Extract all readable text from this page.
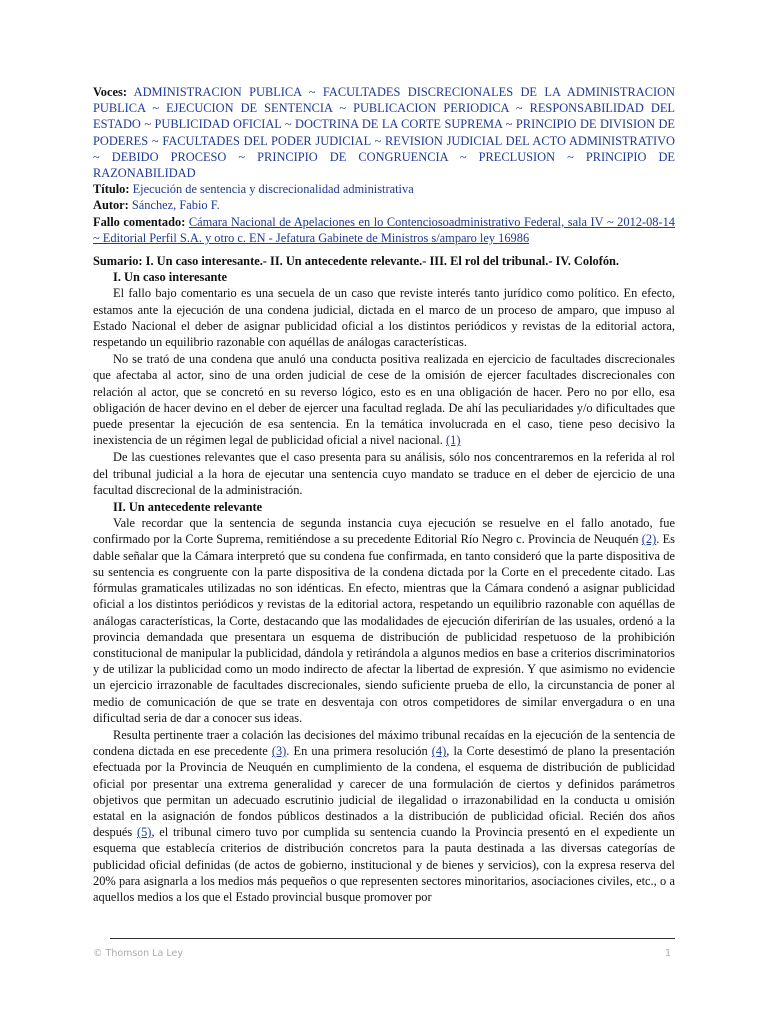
Voces: ADMINISTRACION PUBLICA ~ FACULTADES DISCRECIONALES DE LA ADMINISTRACION PUBLICA ~ EJECUCION DE SENTENCIA ~ PUBLICACION PERIODICA ~ RESPONSABILIDAD DEL ESTADO ~ PUBLICIDAD OFICIAL ~ DOCTRINA DE LA CORTE SUPREMA ~ PRINCIPIO DE DIVISION DE PODERES ~ FACULTADES DEL PODER JUDICIAL ~ REVISION JUDICIAL DEL ACTO ADMINISTRATIVO ~ DEBIDO PROCESO ~ PRINCIPIO DE CONGRUENCIA ~ PRECLUSION ~ PRINCIPIO DE RAZONABILIDAD

Título: Ejecución de sentencia y discrecionalidad administrativa

Autor: Sánchez, Fabio F.

Fallo comentado: Cámara Nacional de Apelaciones en lo Contenciosoadministrativo Federal, sala IV ~ 2012-08-14 ~ Editorial Perfil S.A. y otro c. EN - Jefatura Gabinete de Ministros s/amparo ley 16986

Sumario: I. Un caso interesante.- II. Un antecedente relevante.- III. El rol del tribunal.- IV. Colofón.

I. Un caso interesante

El fallo bajo comentario es una secuela de un caso que reviste interés tanto jurídico como político. En efecto, estamos ante la ejecución de una condena judicial, dictada en el marco de un proceso de amparo, que impuso al Estado Nacional el deber de asignar publicidad oficial a los distintos periódicos y revistas de la editorial actora, respetando un equilibrio razonable con aquéllas de análogas características.

No se trató de una condena que anuló una conducta positiva realizada en ejercicio de facultades discrecionales que afectaba al actor, sino de una orden judicial de cese de la omisión de ejercer facultades discrecionales con relación al actor, que se concretó en su reverso lógico, esto es en una obligación de hacer. Pero no por ello, esa obligación de hacer devino en el deber de ejercer una facultad reglada. De ahí las peculiaridades y/o dificultades que puede presentar la ejecución de esa sentencia. En la temática involucrada en el caso, tiene peso decisivo la inexistencia de un régimen legal de publicidad oficial a nivel nacional. (1)

De las cuestiones relevantes que el caso presenta para su análisis, sólo nos concentraremos en la referida al rol del tribunal judicial a la hora de ejecutar una sentencia cuyo mandato se traduce en el deber de ejercicio de una facultad discrecional de la administración.

II. Un antecedente relevante

Vale recordar que la sentencia de segunda instancia cuya ejecución se resuelve en el fallo anotado, fue confirmado por la Corte Suprema, remitiéndose a su precedente Editorial Río Negro c. Provincia de Neuquén (2). Es dable señalar que la Cámara interpretó que su condena fue confirmada, en tanto consideró que la parte dispositiva de su sentencia es congruente con la parte dispositiva de la condena dictada por la Corte en el precedente citado. Las fórmulas gramaticales utilizadas no son idénticas. En efecto, mientras que la Cámara condenó a asignar publicidad oficial a los distintos periódicos y revistas de la editorial actora, respetando un equilibrio razonable con aquéllas de análogas características, la Corte, destacando que las modalidades de ejecución diferirían de las usuales, ordenó a la provincia demandada que presentara un esquema de distribución de publicidad respetuoso de la prohibición constitucional de manipular la publicidad, dándola y retirándola a algunos medios en base a criterios discriminatorios y de utilizar la publicidad como un modo indirecto de afectar la libertad de expresión. Y que asimismo no evidencie un ejercicio irrazonable de facultades discrecionales, siendo suficiente prueba de ello, la circunstancia de poner al medio de comunicación de que se trate en desventaja con otros competidores de similar envergadura o en una dificultad seria de dar a conocer sus ideas.

Resulta pertinente traer a colación las decisiones del máximo tribunal recaídas en la ejecución de la sentencia de condena dictada en ese precedente (3). En una primera resolución (4), la Corte desestimó de plano la presentación efectuada por la Provincia de Neuquén en cumplimiento de la condena, el esquema de distribución de publicidad oficial por presentar una extrema generalidad y carecer de una formulación de ciertos y definidos parámetros objetivos que permitan un adecuado escrutinio judicial de ilegalidad o irrazonabilidad en la conducta u omisión estatal en la asignación de fondos públicos destinados a la distribución de publicidad oficial. Recién dos años después (5), el tribunal cimero tuvo por cumplida su sentencia cuando la Provincia presentó en el expediente un esquema que establecía criterios de distribución concretos para la pauta destinada a las diversas categorías de publicidad oficial definidas (de actos de gobierno, institucional y de bienes y servicios), con la expresa reserva del 20% para asignarla a los medios más pequeños o que representen sectores minoritarios, asociaciones civiles, etc., o a aquellos medios a los que el Estado provincial busque promover por

© Thomson La Ley	1
